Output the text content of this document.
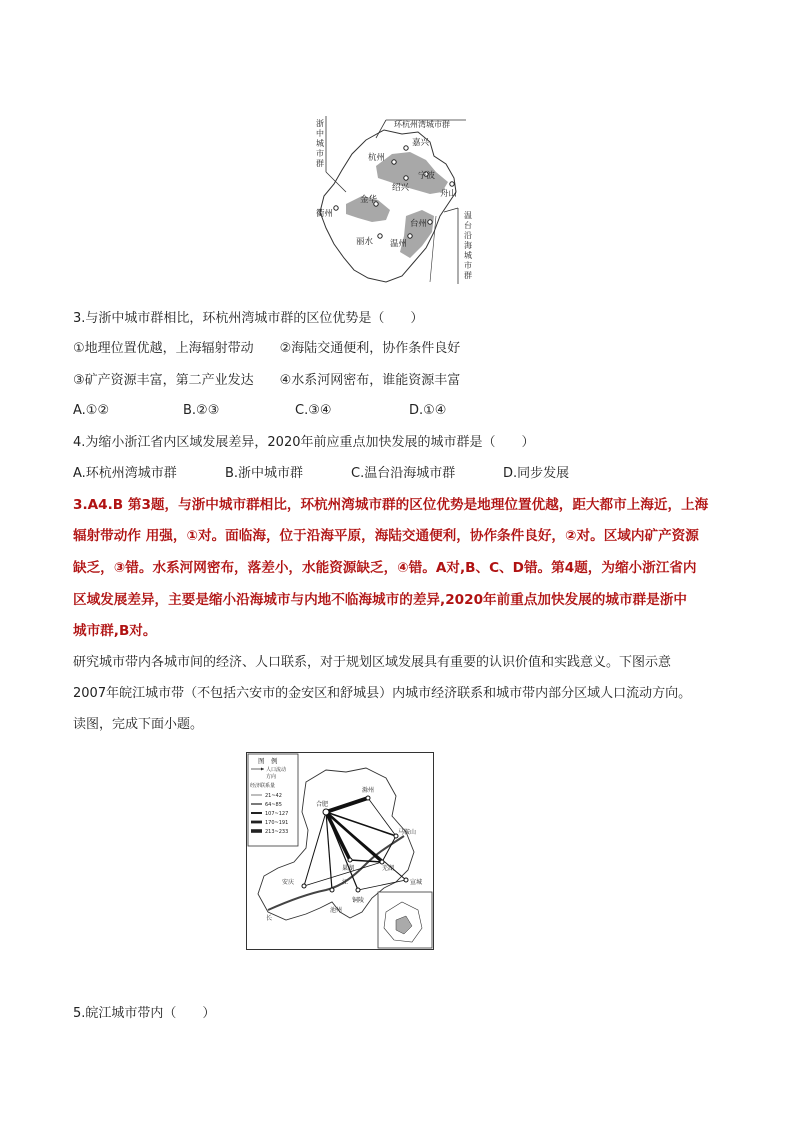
浙
中
城
市
群
环杭州湾城市群
温
台
沿
海
城
市
群
嘉兴
杭州
宁波
绍兴
舟山
金华
衢州
台州
丽水 温州
3.与浙中城市群相比，环杭州湾城市群的区位优势是（　　）
①地理位置优越，上海辐射带动　　②海陆交通便利，协作条件良好
③矿产资源丰富，第二产业发达　　④水系河网密布，谁能资源丰富
A.①②	B.②③	C.③④	D.①④
4.为缩小浙江省内区域发展差异，2020年前应重点加快发展的城市群是（　　）
A.环杭州湾城市群	B.浙中城市群	C.温台沿海城市群	D.同步发展
3.A4.B 第3题，与浙中城市群相比，环杭州湾城市群的区位优势是地理位置优越，距大都市上海近，上海
辐射带动作 用强，①对。面临海，位于沿海平原，海陆交通便利，协作条件良好，②对。区域内矿产资源
缺乏，③错。水系河网密布，落差小，水能资源缺乏，④错。A对,B、C、D错。第4题，为缩小浙江省内
区域发展差异，主要是缩小沿海城市与内地不临海城市的差异,2020年前重点加快发展的城市群是浙中
城市群,B对。
研究城市带内各城市间的经济、人口联系，对于规划区域发展具有重要的认识价值和实践意义。下图示意
2007年皖江城市带（不包括六安市的金安区和舒城县）内城市经济联系和城市带内部分区域人口流动方向。
读图，完成下面小题。
图　例
人口流动
方向
经济联系量
21~42
64~85
107~127
170~191
213~233
合肥
滁州
马鞍山
巢湖	芜湖
安庆
铜陵
池州
宣城
长
江
5.皖江城市带内（　　）
